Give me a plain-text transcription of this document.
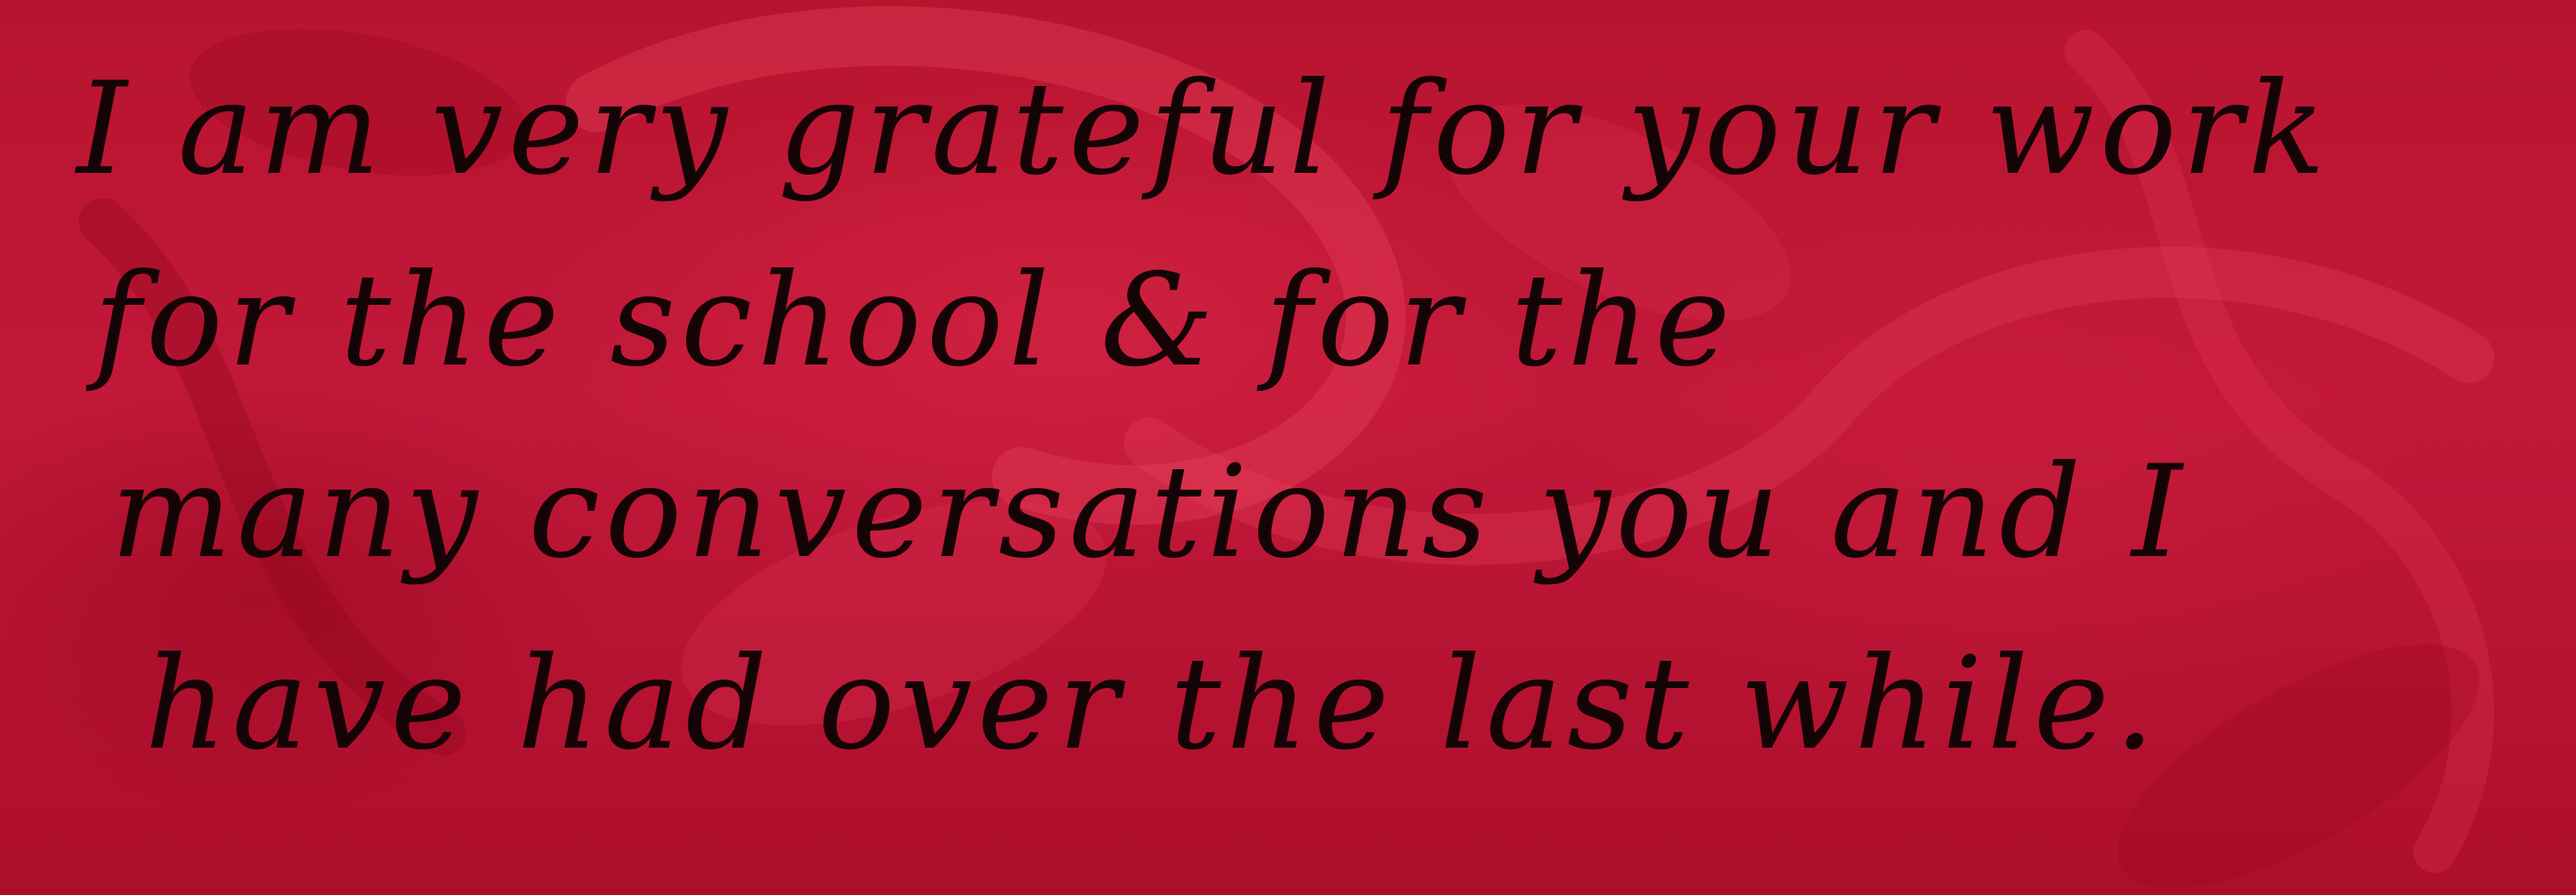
I am very grateful for your work
for the school & for the
many conversations you and I
have had over the last while.
